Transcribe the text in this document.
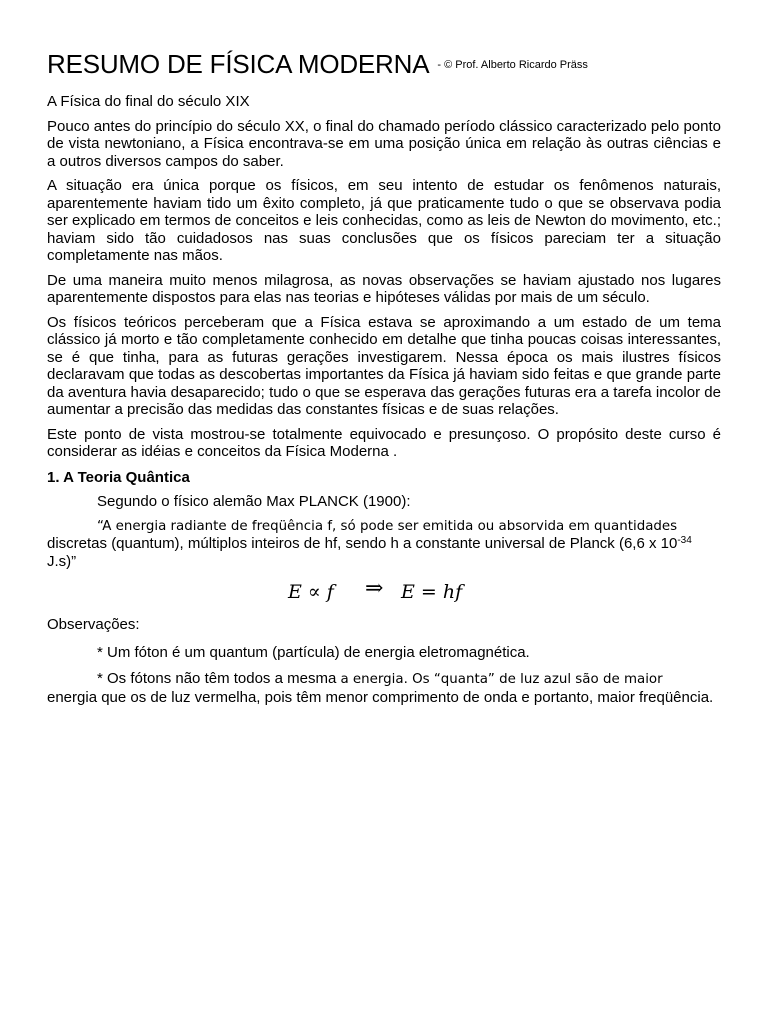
RESUMO DE FÍSICA MODERNA $^{- © Prof. Alberto Ricardo Präss}$

A Física do final do século XIX

Pouco antes do princípio do século XX, o final do chamado período clássico caracterizado pelo ponto de vista newtoniano, a Física encontrava-se em uma posição única em relação às outras ciências e a outros diversos campos do saber.

A situação era única porque os físicos, em seu intento de estudar os fenômenos naturais, aparentemente haviam tido um êxito completo, já que praticamente tudo o que se observava podia ser explicado em termos de conceitos e leis conhecidas, como as leis de Newton do movimento, etc.; haviam sido tão cuidadosos nas suas conclusões que os físicos pareciam ter a situação completamente nas mãos.

De uma maneira muito menos milagrosa, as novas observações se haviam ajustado nos lugares aparentemente dispostos para elas nas teorias e hipóteses válidas por mais de um século.

Os físicos teóricos perceberam que a Física estava se aproximando a um estado de um tema clássico já morto e tão completamente conhecido em detalhe que tinha poucas coisas interessantes, se é que tinha, para as futuras gerações investigarem. Nessa época os mais ilustres físicos declaravam que todas as descobertas importantes da Física já haviam sido feitas e que grande parte da aventura havia desaparecido; tudo o que se esperava das gerações futuras era a tarefa incolor de aumentar a precisão das medidas das constantes físicas e de suas relações.

Este ponto de vista mostrou-se totalmente equivocado e presunçoso. O propósito deste curso é considerar as idéias e conceitos da Física Moderna .

1. A Teoria Quântica

Segundo o físico alemão Max PLANCK (1900):

“A energia radiante de freqüência f, só pode ser emitida ou absorvida em quantidades
discretas (quantum), múltiplos inteiros de hf, sendo h a constante universal de Planck (6,6 x $10^{-34}$ J.s)”

E ∝ f ⇒ E = hf

Observações:

* Um fóton é um quantum (partícula) de energia eletromagnética.

* Os fótons não têm todos a mesma a energia. Os “quanta” de luz azul são de maior
energia que os de luz vermelha, pois têm menor comprimento de onda e portanto, maior freqüência.
